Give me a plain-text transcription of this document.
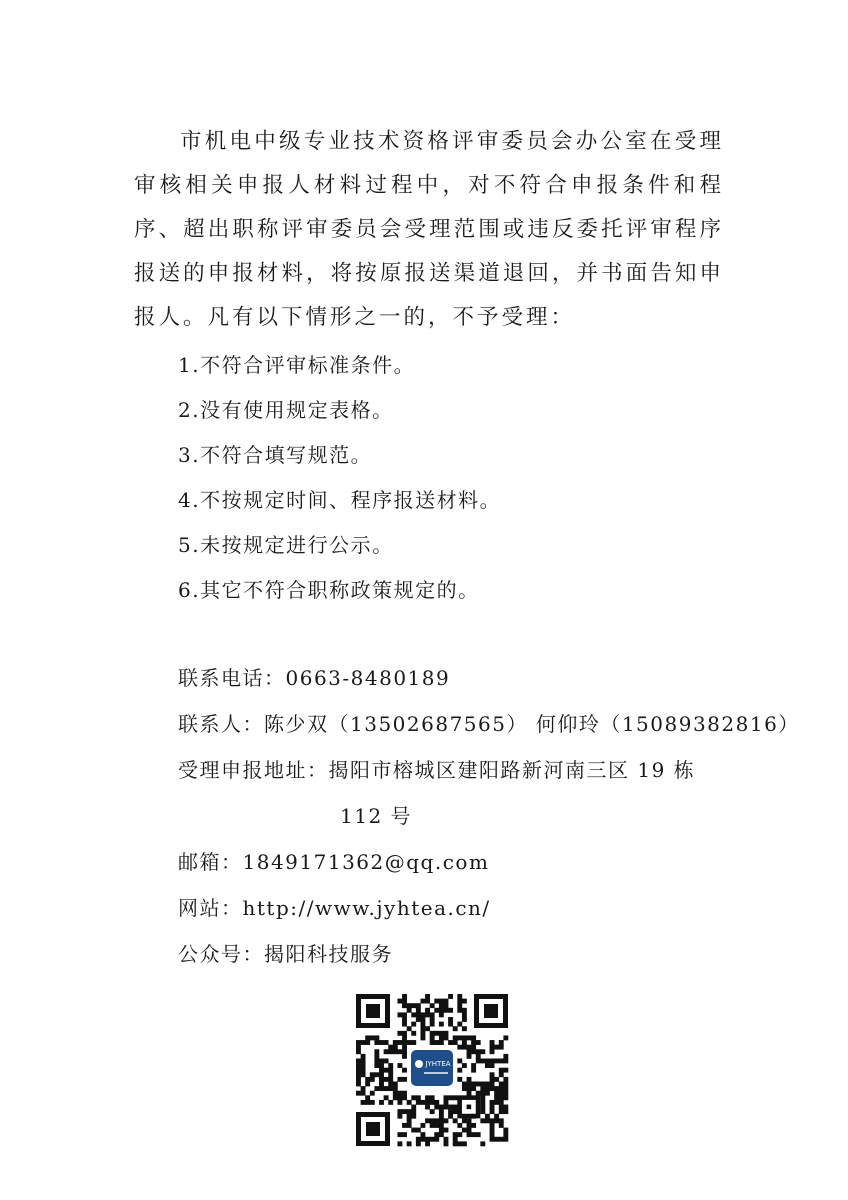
市机电中级专业技术资格评审委员会办公室在受理审核相关申报人材料过程中，对不符合申报条件和程序、超出职称评审委员会受理范围或违反委托评审程序报送的申报材料，将按原报送渠道退回，并书面告知申报人。凡有以下情形之一的，不予受理：

1.不符合评审标准条件。
2.没有使用规定表格。
3.不符合填写规范。
4.不按规定时间、程序报送材料。
5.未按规定进行公示。
6.其它不符合职称政策规定的。
联系电话：0663-8480189
联系人：陈少双（13502687565） 何仰玲（15089382816）
受理申报地址：揭阳市榕城区建阳路新河南三区 19 栋
112 号
邮箱：1849171362@qq.com
网站：http://www.jyhtea.cn/
公众号：揭阳科技服务
JYHTEA
